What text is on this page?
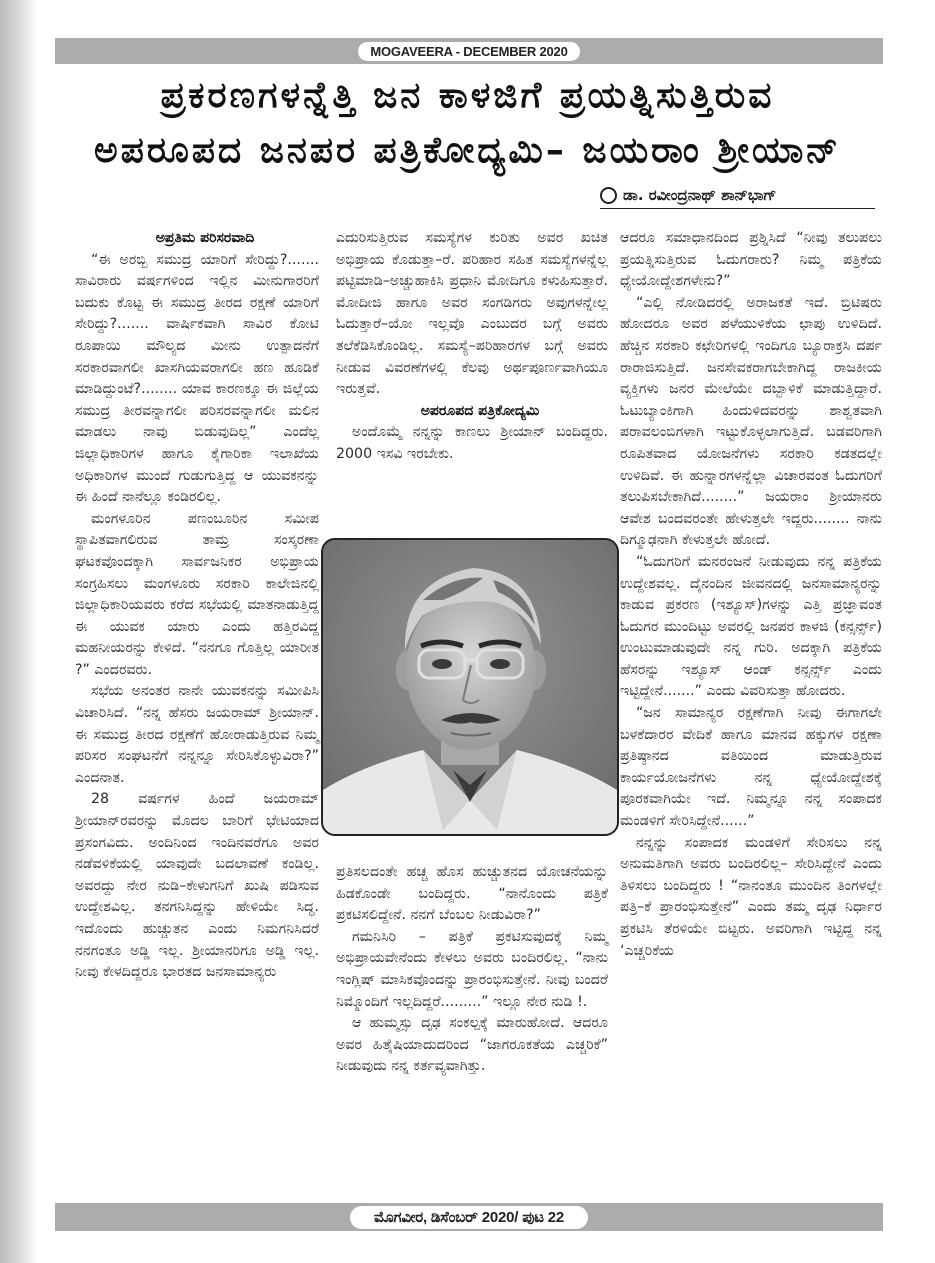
MOGAVEERA - DECEMBER 2020
ಪ್ರಕರಣಗಳನ್ನೆತ್ತಿ ಜನ ಕಾಳಜಿಗೆ ಪ್ರಯತ್ನಿಸುತ್ತಿರುವ
ಅಪರೂಪದ ಜನಪರ ಪತ್ರಿಕೋದ್ಯಮಿ– ಜಯರಾಂ ಶ್ರೀಯಾನ್
ಡಾ. ರವೀಂದ್ರನಾಥ್ ಶಾನ್‌ಭಾಗ್

ಅಪ್ರತಿಮ ಪರಿಸರವಾದಿ

“ಈ ಅರಬ್ಬಿ ಸಮುದ್ರ ಯಾರಿಗೆ ಸೇರಿದ್ದು?....... ಸಾವಿರಾರು ವರ್ಷಗಳಿಂದ ಇಲ್ಲಿನ ಮೀನುಗಾರರಿಗೆ ಬದುಕು ಕೊಟ್ಟ ಈ ಸಮುದ್ರ ತೀರದ ರಕ್ಷಣೆ ಯಾರಿಗೆ ಸೇರಿದ್ದು?....... ವಾರ್ಷಿಕವಾಗಿ ಸಾವಿರ ಕೋಟಿ ರೂಪಾಯಿ ಮೌಲ್ಯದ ಮೀನು ಉತ್ಪಾದನೆಗೆ ಸರಕಾರವಾಗಲೀ ಖಾಸಗಿಯವರಾಗಲೀ ಹಣ ಹೂಡಿಕೆ ಮಾಡಿದ್ದುಂಟೆ?........ ಯಾವ ಕಾರಣಕ್ಕೂ ಈ ಜಿಲ್ಲೆಯ ಸಮುದ್ರ ತೀರವನ್ನಾಗಲೀ ಪರಿಸರವನ್ನಾಗಲೀ ಮಲಿನ ಮಾಡಲು ನಾವು ಬಿಡುವುದಿಲ್ಲ” ಎಂದೆಲ್ಲ ಜಿಲ್ಲಾಧಿಕಾರಿಗಳ ಹಾಗೂ ಕೈಗಾರಿಕಾ ಇಲಾಖೆಯ ಅಧಿಕಾರಿಗಳ ಮುಂದೆ ಗುಡುಗುತ್ತಿದ್ದ ಆ ಯುವಕನನ್ನು ಈ ಹಿಂದೆ ನಾನೆಲ್ಲೂ ಕಂಡಿರಲಿಲ್ಲ.

ಮಂಗಳೂರಿನ ಪಣಂಬೂರಿನ ಸಮೀಪ ಸ್ಥಾಪಿತವಾಗಲಿರುವ ತಾಮ್ರ ಸಂಸ್ಕರಣಾ ಘಟಕವೊಂದಕ್ಕಾಗಿ ಸಾರ್ವಜನಿಕರ ಅಭಿಪ್ರಾಯ ಸಂಗ್ರಹಿಸಲು ಮಂಗಳೂರು ಸರಕಾರಿ ಕಾಲೇಜಿನಲ್ಲಿ ಜಿಲ್ಲಾಧಿಕಾರಿಯವರು ಕರೆದ ಸಭೆಯಲ್ಲಿ ಮಾತನಾಡುತ್ತಿದ್ದ ಈ ಯುವಕ ಯಾರು ಎಂದು ಹತ್ತಿರವಿದ್ದ ಮಹನೀಯರನ್ನು ಕೇಳಿದೆ. “ನನಗೂ ಗೊತ್ತಿಲ್ಲ ಯಾರೀತ ?” ಎಂದರವರು.

ಸಭೆಯ ಅನಂತರ ನಾನೇ ಯುವಕನನ್ನು ಸಮೀಪಿಸಿ ವಿಚಾರಿಸಿದೆ. “ನನ್ನ ಹೆಸರು ಜಯರಾಮ್ ಶ್ರೀಯಾನ್. ಈ ಸಮುದ್ರ ತೀರದ ರಕ್ಷಣೆಗೆ ಹೋರಾಡುತ್ತಿರುವ ನಿಮ್ಮ ಪರಿಸರ ಸಂಘಟನೆಗೆ ನನ್ನನ್ನೂ ಸೇರಿಸಿಕೊಳ್ಳುವಿರಾ?” ಎಂದನಾತ.

28 ವರ್ಷಗಳ ಹಿಂದೆ ಜಯರಾಮ್ ಶ್ರೀಯಾನ್‌ರವರನ್ನು ಮೊದಲ ಬಾರಿಗೆ ಭೇಟಿಯಾದ ಪ್ರಸಂಗವಿದು. ಅಂದಿನಿಂದ ಇಂದಿನವರೆಗೂ ಅವರ ನಡೆವಳಿಕೆಯಲ್ಲಿ ಯಾವುದೇ ಬದಲಾವಣೆ ಕಂಡಿಲ್ಲ. ಅವರದ್ದು ನೇರ ನುಡಿ–ಕೇಳುಗನಿಗೆ ಖುಷಿ ಪಡಿಸುವ ಉದ್ದೇಶವಿಲ್ಲ. ತನಗನಿಸಿದ್ದನ್ನು ಹೇಳಿಯೇ ಸಿದ್ಧ. ಇದೊಂದು ಹುಚ್ಚುತನ ಎಂದು ನಿಮಗನಿಸಿದರೆ ನನಗಂತೂ ಅಡ್ಡಿ ಇಲ್ಲ. ಶ್ರೀಯಾನರಿಗೂ ಅಡ್ಡಿ ಇಲ್ಲ. ನೀವು ಕೇಳದಿದ್ದರೂ ಭಾರತದ ಜನಸಾಮಾನ್ಯರು

ಎದುರಿಸುತ್ತಿರುವ ಸಮಸ್ಯೆಗಳ ಕುರಿತು ಅವರ ಖಚಿತ ಅಭಿಪ್ರಾಯ ಕೊಡುತ್ತಾ–ರೆ. ಪರಿಹಾರ ಸಹಿತ ಸಮಸ್ಯೆಗಳನ್ನೆಲ್ಲ ಪಟ್ಟಿಮಾಡಿ–ಅಚ್ಚುಹಾಕಿಸಿ ಪ್ರಧಾನಿ ಮೋದಿಗೂ ಕಳುಹಿಸುತ್ತಾರೆ. ಮೋದೀಜಿ ಹಾಗೂ ಅವರ ಸಂಗಡಿಗರು ಅವುಗಳನ್ನೇಲ್ಲ ಓದುತ್ತಾರೆ–ಯೋ ಇಲ್ಲವೊ ಎಂಬುದರ ಬಗ್ಗೆ ಅವರು ತಲೆಕೆಡಿಸಿಕೊಂಡಿಲ್ಲ. ಸಮಸ್ಯೆ–ಪರಿಹಾರಗಳ ಬಗ್ಗೆ ಅವರು ನೀಡುವ ವಿವರಣೆಗಳಲ್ಲಿ ಕೆಲವು ಅರ್ಥಪೂರ್ಣವಾಗಿಯೂ ಇರುತ್ತವೆ.

ಅಪರೂಪದ ಪತ್ರಿಕೋದ್ಯಮಿ

ಅಂದೊಮ್ಮೆ ನನ್ನನ್ನು ಕಾಣಲು ಶ್ರೀಯಾನ್ ಬಂದಿದ್ದರು. 2000 ಇಸವಿ ಇರಬೇಕು.

ಪ್ರತಿಸಲದಂತೇ ಹಚ್ಚ ಹೊಸ ಹುಚ್ಚುತನದ ಯೋಚನೆಯನ್ನು ಹಿಡಕೊಂಡೇ ಬಂದಿದ್ದರು. “ನಾನೊಂದು ಪತ್ರಿಕೆ ಪ್ರಕಟಿಸಲಿದ್ದೇನೆ. ನನಗೆ ಬೆಂಬಲ ನೀಡುವಿರಾ?”

ಗಮನಿಸಿರಿ – ಪತ್ರಿಕೆ ಪ್ರಕಟಿಸುವುದಕ್ಕೆ ನಿಮ್ಮ ಅಭಿಪ್ರಾಯವೇನೆಂದು ಕೇಳಲು ಅವರು ಬಂದಿರಲಿಲ್ಲ. “ನಾನು ಇಂಗ್ಲಿಷ್ ಮಾಸಿಕವೊಂದನ್ನು ಪ್ರಾರಂಭಿಸುತ್ತೇನೆ. ನೀವು ಬಂದರೆ ನಿಮ್ಮೊಂದಿಗೆ ಇಲ್ಲದಿದ್ದರೆ.........” ಇಲ್ಲೂ ನೇರ ನುಡಿ !.

ಆ ಹುಮ್ಮಸ್ಸು ದೃಢ ಸಂಕಲ್ಪಕ್ಕೆ ಮಾರುಹೋದೆ. ಆದರೂ ಅವರ ಹಿತೈಷಿಯಾದುದರಿಂದ “ಜಾಗರೂಕತೆಯ ಎಚ್ಚರಿಕೆ” ನೀಡುವುದು ನನ್ನ ಕರ್ತವ್ಯವಾಗಿತ್ತು.

ಆದರೂ ಸಮಾಧಾನದಿಂದ ಪ್ರಶ್ನಿಸಿದೆ “ನೀವು ತಲುಪಲು ಪ್ರಯತ್ನಿಸುತ್ತಿರುವ ಓದುಗರಾರು? ನಿಮ್ಮ ಪತ್ರಿಕೆಯ ಧ್ಯೇಯೋದ್ದೇಶಗಳೇನು?”

“ಎಲ್ಲಿ ನೋಡಿದರಲ್ಲಿ ಅರಾಜಕತೆ ಇದೆ. ಬ್ರಿಟಿಷರು ಹೋದರೂ ಅವರ ಪಳೆಯುಳಿಕೆಯ ಛಾಪು ಉಳಿದಿದೆ. ಹೆಚ್ಚಿನ ಸರಕಾರಿ ಕಛೇರಿಗಳಲ್ಲಿ ಇಂದಿಗೂ ಬ್ಯೂರಾಕ್ರಸಿ ದರ್ಪ ರಾರಾಜಿಸುತ್ತಿದೆ. ಜನಸೇವಕರಾಗಬೇಕಾಗಿದ್ದ ರಾಜಕೀಯ ವ್ಯಕ್ತಿಗಳು ಜನರ ಮೇಲೆಯೇ ದಬ್ಬಾಳಿಕೆ ಮಾಡುತ್ತಿದ್ದಾರೆ. ಓಟುಬ್ಯಾಂಕಿಗಾಗಿ ಹಿಂದುಳಿದವರನ್ನು ಶಾಶ್ವತವಾಗಿ ಪರಾವಲಂಬಿಗಳಾಗಿ ಇಟ್ಟುಕೊಳ್ಳಲಾಗುತ್ತಿದೆ. ಬಡವರಿಗಾಗಿ ರೂಪಿತವಾದ ಯೋಜನೆಗಳು ಸರಕಾರಿ ಕಡತದಲ್ಲೇ ಉಳಿದಿವೆ. ಈ ಹುನ್ನಾರಗಳನ್ನೆಲ್ಲಾ ವಿಚಾರವಂತ ಓದುಗರಿಗೆ ತಲುಪಿಸಬೇಕಾಗಿದೆ........” ಜಯರಾಂ ಶ್ರೀಯಾನರು ಆವೇಶ ಬಂದವರಂತೇ ಹೇಳುತ್ತಲೇ ಇದ್ದರು........ ನಾನು ದಿಗ್ಮೂಢನಾಗಿ ಕೇಳುತ್ತಲೇ ಹೋದೆ.

“ಓದುಗರಿಗೆ ಮನರಂಜನೆ ನೀಡುವುದು ನನ್ನ ಪತ್ರಿಕೆಯ ಉದ್ದೇಶವಲ್ಲ. ದೈನಂದಿನ ಜೀವನದಲ್ಲಿ ಜನಸಾಮಾನ್ಯರನ್ನು ಕಾಡುವ ಪ್ರಕರಣ (ಇಶ್ಯೂಸ್)ಗಳನ್ನು ಎತ್ತಿ ಪ್ರಜ್ಞಾವಂತ ಓದುಗರ ಮುಂದಿಟ್ಟು ಅವರಲ್ಲಿ ಜನಪರ ಕಾಳಜಿ (ಕನ್ಸರ್ನ್ಸ್) ಉಂಟುಮಾಡುವುದೇ ನನ್ನ ಗುರಿ. ಅದಕ್ಕಾಗಿ ಪತ್ರಿಕೆಯ ಹೆಸರನ್ನು ಇಶ್ಯೂಸ್ ಆಂಡ್ ಕನ್ಸರ್ನ್ಸ್ ಎಂದು ಇಟ್ಟಿದ್ದೇನೆ.......” ಎಂದು ವಿವರಿಸುತ್ತಾ ಹೋದರು.

“ಜನ ಸಾಮಾನ್ಯರ ರಕ್ಷಣೆಗಾಗಿ ನೀವು ಈಗಾಗಲೇ ಬಳಕೆದಾರರ ವೇದಿಕೆ ಹಾಗೂ ಮಾನವ ಹಕ್ಕುಗಳ ರಕ್ಷಣಾ ಪ್ರತಿಷ್ಠಾನದ ವತಿಯಿಂದ ಮಾಡುತ್ತಿರುವ ಕಾರ್ಯಯೋಜನೆಗಳು ನನ್ನ ಧ್ಯೇಯೋದ್ದೇಶಕ್ಕೆ ಪೂರಕವಾಗಿಯೇ ಇದೆ. ನಿಮ್ಮನ್ನೂ ನನ್ನ ಸಂಪಾದಕ ಮಂಡಳಿಗೆ ಸೇರಿಸಿದ್ದೇನೆ......”

ನನ್ನನ್ನು ಸಂಪಾದಕ ಮಂಡಳಿಗೆ ಸೇರಿಸಲು ನನ್ನ ಅನುಮತಿಗಾಗಿ ಅವರು ಬಂದಿರಲಿಲ್ಲ– ಸೇರಿಸಿದ್ದೇನೆ ಎಂದು ತಿಳಿಸಲು ಬಂದಿದ್ದರು ! “ನಾನಂತೂ ಮುಂದಿನ ತಿಂಗಳಲ್ಲೇ ಪತ್ರಿ–ಕೆ ಪ್ರಾರಂಭಿಸುತ್ತೇನೆ” ಎಂದು ತಮ್ಮ ದೃಢ ನಿರ್ಧಾರ ಪ್ರಕಟಿಸಿ ತೆರಳಿಯೇ ಬಿಟ್ಟರು. ಅವರಿಗಾಗಿ ಇಟ್ಟಿದ್ದ ನನ್ನ ‘ಎಚ್ಚರಿಕೆಯ

ಮೊಗವೀರ, ಡಿಸೆಂಬರ್ 2020/ ಪುಟ 22
